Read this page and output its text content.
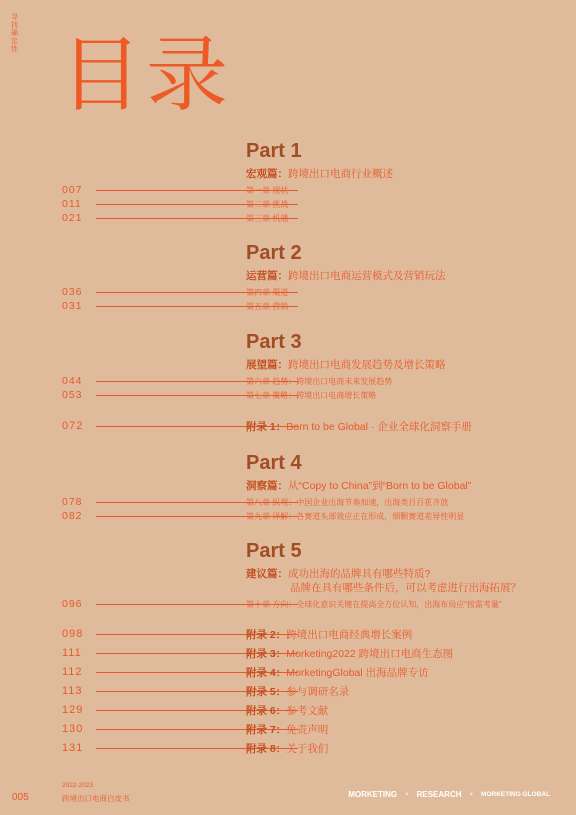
寻找确定性 目录
Part 1
宏观篇：跨境出口电商行业概述
007	第一章 现状
011	第二章 挑战
021	第三章 机遇
Part 2
运营篇：跨境出口电商运营模式及营销玩法
036	第四章 渠道
031	第五章 营销
Part 3
展望篇：跨境出口电商发展趋势及增长策略
044	第六章 趋势：跨境出口电商未来发展趋势
053	第七章 策略：跨境出口电商增长策略
072	附录 1：Born to be Global · 企业全球化洞察手册
Part 4
洞察篇：从“Copy to China”到“Born to be Global”
078	第八章 纵观：中国企业出海节奏加速，出海类目百花齐放
082	第九章 详解：各赛道头部效应正在形成，细颗赛道差异性明显
Part 5
建议篇：成功出海的品牌具有哪些特质?
品牌在具有哪些条件后，可以考虑进行出海拓展？
096	第十章 方向：全球化意识关键在提高全方位认知，出海布局应“按需考量”
098	附录 2：跨境出口电商经典增长案例
111	附录 3：Morketing2022 跨境出口电商生态图
112	附录 4：MorketingGlobal 出海品牌专访
113	附录 5：参与调研名录
129	附录 6：参考文献
130	附录 7：免责声明
131	附录 8：关于我们
005
2022-2023
跨境出口电商白皮书	MORKETING × RESEARCH × MORKETING GLOBAL
